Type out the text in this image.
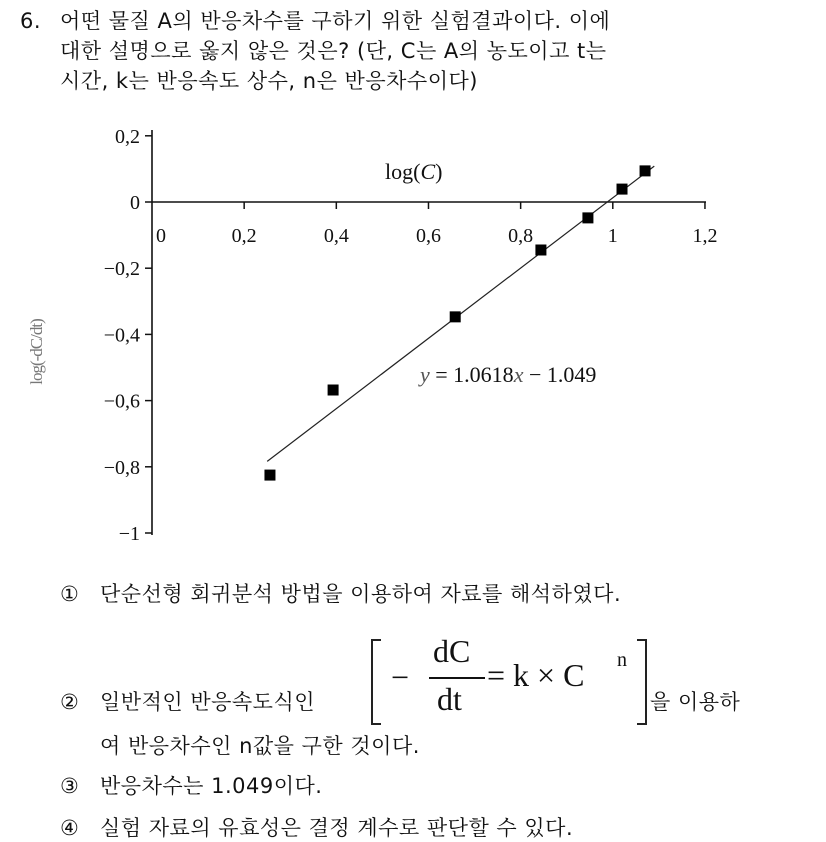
6. 어떤 물질 A의 반응차수를 구하기 위한 실험결과이다. 이에
대한 설명으로 옳지 않은 것은? (단, C는 A의 농도이고 t는
시간, k는 반응속도 상수, n은 반응차수이다)
log(-dC/dt)
0,2
0
−0,2
−0,4
−0,6
−0,8
−1
0	0,2	0,4	0,6	0,8	1	1,2
log(C)
y = 1.0618x − 1.049
① 단순선형 회귀분석 방법을 이용하여 자료를 해석하였다.
② 일반적인 반응속도식인	을 이용하
여 반응차수인 n값을 구한 것이다.
③ 반응차수는 1.049이다.
④ 실험 자료의 유효성은 결정 계수로 판단할 수 있다.
−
dC
dt
= k × C n
